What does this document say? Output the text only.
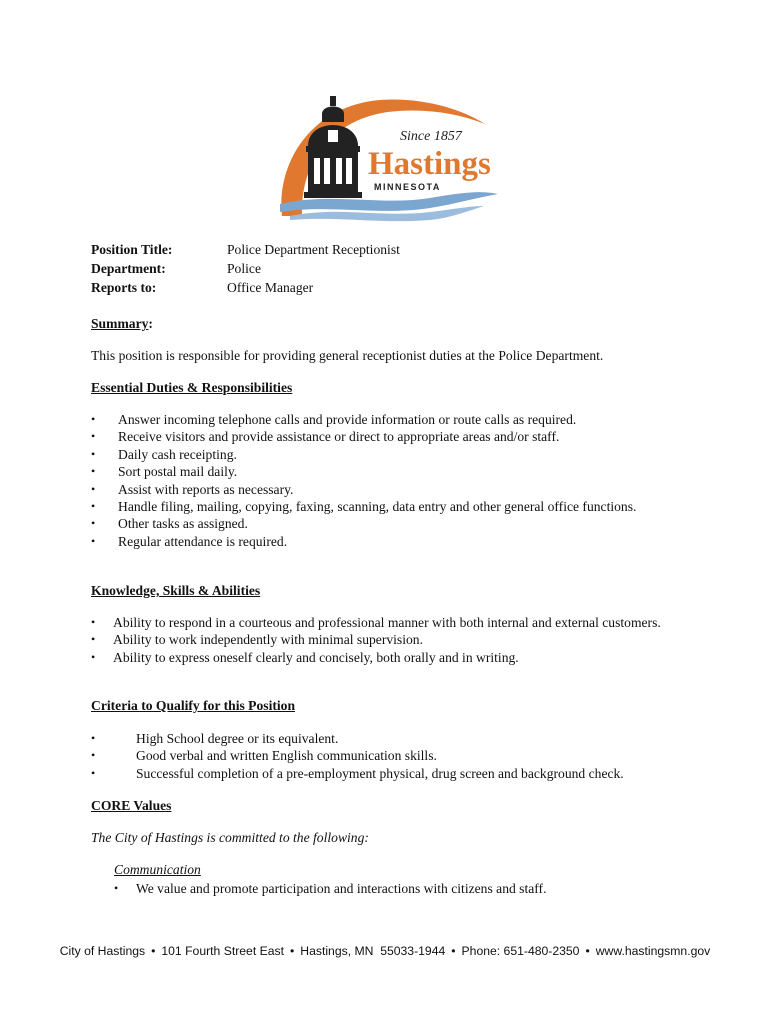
Since 1857
Hastings
MINNESOTA
Position Title:	Police Department Receptionist
Department:	Police
Reports to:	Office Manager
Summary:
This position is responsible for providing general receptionist duties at the Police Department.
Essential Duties & Responsibilities
• Answer incoming telephone calls and provide information or route calls as required.
• Receive visitors and provide assistance or direct to appropriate areas and/or staff.
• Daily cash receipting.
• Sort postal mail daily.
• Assist with reports as necessary.
• Handle filing, mailing, copying, faxing, scanning, data entry and other general office functions.
• Other tasks as assigned.
• Regular attendance is required.
Knowledge, Skills & Abilities
• Ability to respond in a courteous and professional manner with both internal and external customers.
• Ability to work independently with minimal supervision.
• Ability to express oneself clearly and concisely, both orally and in writing.
Criteria to Qualify for this Position
•	High School degree or its equivalent.
•	Good verbal and written English communication skills.
•	Successful completion of a pre-employment physical, drug screen and background check.
CORE Values
The City of Hastings is committed to the following:
Communication
• We value and promote participation and interactions with citizens and staff.
City of Hastings • 101 Fourth Street East • Hastings, MN  55033-1944 • Phone: 651-480-2350 • www.hastingsmn.gov
